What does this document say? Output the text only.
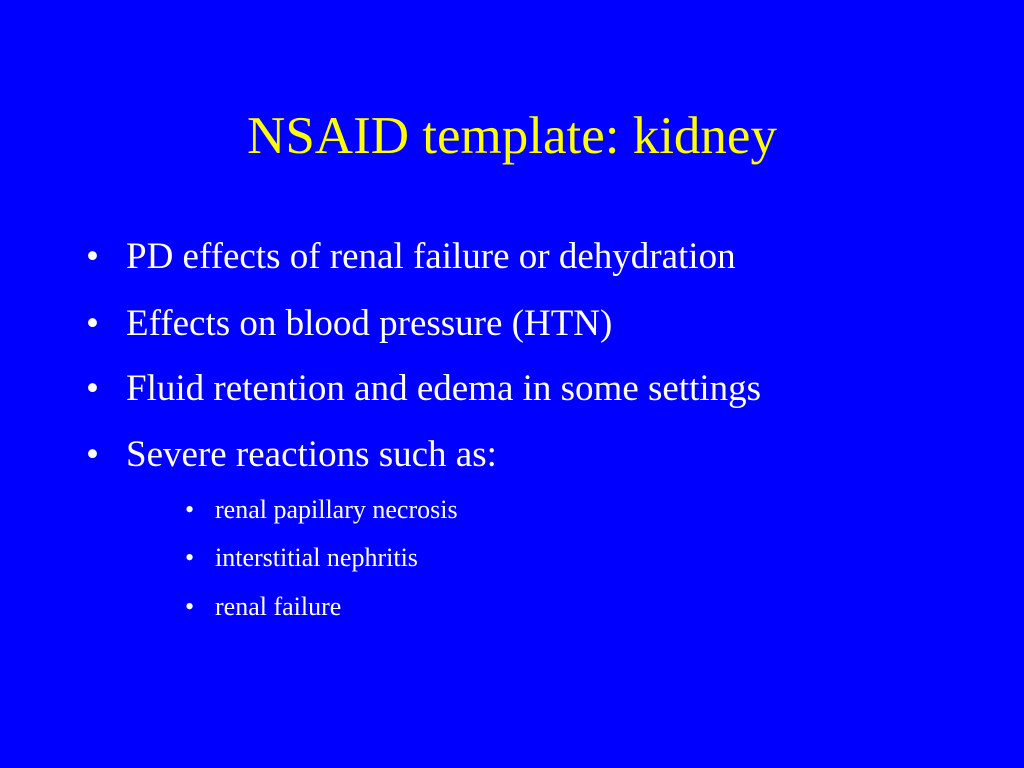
NSAID template: kidney
• PD effects of renal failure or dehydration
• Effects on blood pressure (HTN)
• Fluid retention and edema in some settings
• Severe reactions such as:
• renal papillary necrosis
• interstitial nephritis
• renal failure
